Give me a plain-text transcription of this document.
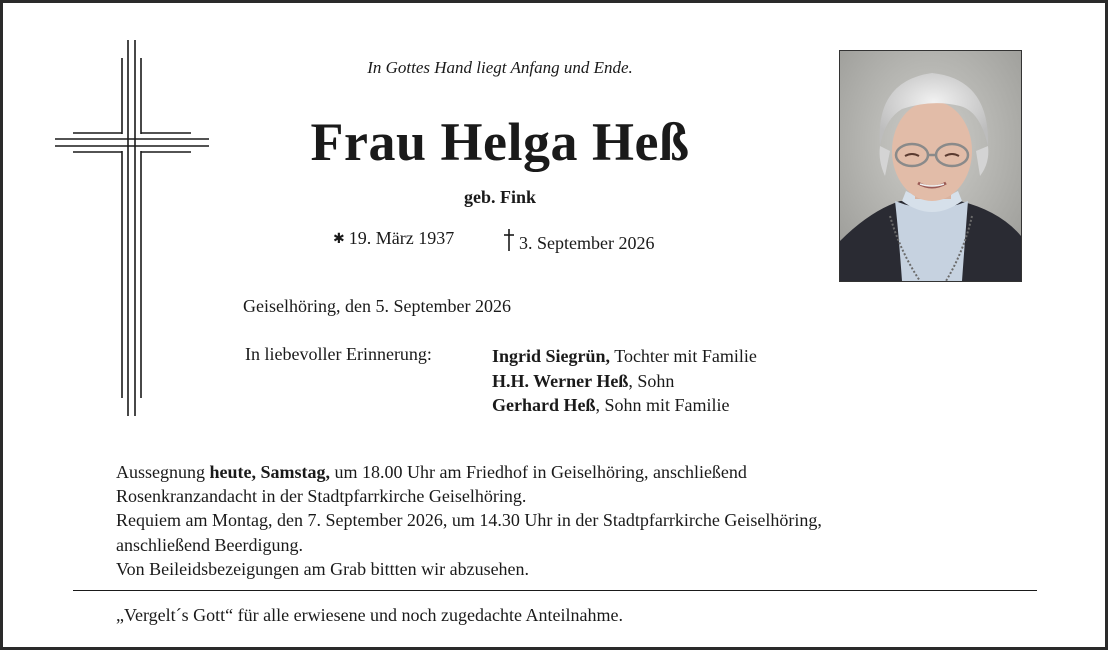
In Gottes Hand liegt Anfang und Ende.
Frau Helga Heß
geb. Fink
✱ 19. März 1937	3. September 2026
Geiselhöring, den 5. September 2026
In liebevoller Erinnerung:	Ingrid Siegrün, Tochter mit Familie
H.H. Werner Heß, Sohn
Gerhard Heß, Sohn mit Familie
Aussegnung heute, Samstag, um 18.00 Uhr am Friedhof in Geiselhöring, anschließend
Rosenkranzandacht in der Stadtpfarrkirche Geiselhöring.
Requiem am Montag, den 7. September 2026, um 14.30 Uhr in der Stadtpfarrkirche Geiselhöring,
anschließend Beerdigung.
Von Beileidsbezeigungen am Grab bittten wir abzusehen.
„Vergelt´s Gott“ für alle erwiesene und noch zugedachte Anteilnahme.
